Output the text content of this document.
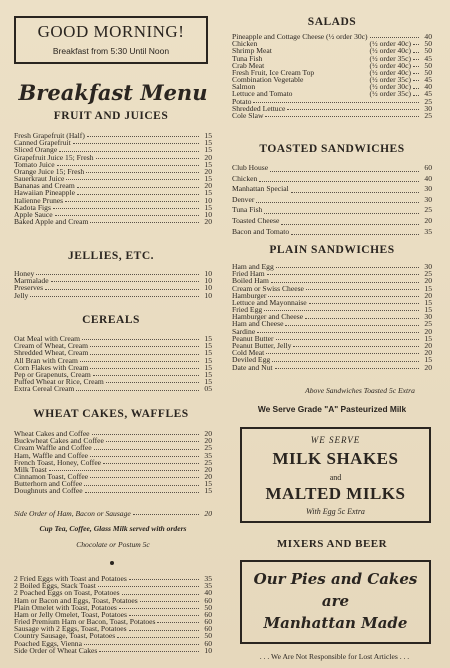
GOOD MORNING!
Breakfast from 5:30 Until Noon
Breakfast Menu
FRUIT AND JUICES
Fresh Grapefruit (Half)	15
Canned Grapefruit	15
Sliced Orange	15
Grapefruit Juice 15; Fresh	20
Tomato Juice	15
Orange Juice 15; Fresh	20
Sauerkraut Juice	15
Bananas and Cream	20
Hawaiian Pineapple	15
Italienne Prunes	10
Kadota Figs	15
Apple Sauce	10
Baked Apple and Cream	20
JELLIES, ETC.
Honey	10
Marmalade	10
Preserves	10
Jelly	10
CEREALS
Oat Meal with Cream	15
Cream of Wheat, Cream	15
Shredded Wheat, Cream	15
All Bran with Cream	15
Corn Flakes with Cream	15
Pep or Grapenuts, Cream	15
Puffed Wheat or Rice, Cream	15
Extra Cereal Cream	05
WHEAT CAKES, WAFFLES
Wheat Cakes and Coffee	20
Buckwheat Cakes and Coffee	20
Cream Waffle and Coffee	25
Ham, Waffle and Coffee	35
French Toast, Honey, Coffee	25
Milk Toast	20
Cinnamon Toast, Coffee	20
Butterhorn and Coffee	15
Doughnuts and Coffee	15
Side Order of Ham, Bacon or Sausage	20
Cup Tea, Coffee, Glass Milk served with orders
Chocolate or Postum 5c
2 Fried Eggs with Toast and Potatoes	35
2 Boiled Eggs, Stack Toast	35
2 Poached Eggs on Toast, Potatoes	40
Ham or Bacon and Eggs, Toast, Potatoes	60
Plain Omelet with Toast, Potatoes	50
Ham or Jelly Omelet, Toast, Potatoes	60
Fried Premium Ham or Bacon, Toast, Potatoes	60
Sausage with 2 Eggs, Toast, Potatoes	60
Country Sausage, Toast, Potatoes	50
Poached Eggs, Vienna	60
Side Order of Wheat Cakes	10
SALADS
Pineapple and Cottage Cheese (½ order 30c)	40
Chicken	(½ order 40c)	50
Shrimp Meat	(½ order 40c)	50
Tuna Fish	(½ order 35c)	45
Crab Meat	(½ order 40c)	50
Fresh Fruit, Ice Cream Top	(½ order 40c)	50
Combination Vegetable	(½ order 35c)	45
Salmon	(½ order 30c)	40
Lettuce and Tomato	(½ order 35c)	45
Potato	25
Shredded Lettuce	30
Cole Slaw	25
TOASTED SANDWICHES
Club House	60
Chicken	40
Manhattan Special	30
Denver	30
Tuna Fish	25
Toasted Cheese	20
Bacon and Tomato	35
PLAIN SANDWICHES
Ham and Egg	30
Fried Ham	25
Boiled Ham	20
Cream or Swiss Cheese	15
Hamburger	20
Lettuce and Mayonnaise	15
Fried Egg	15
Hamburger and Cheese	30
Ham and Cheese	25
Sardine	20
Peanut Butter	15
Peanut Butter, Jelly	20
Cold Meat	20
Deviled Egg	15
Date and Nut	20
Above Sandwiches Toasted 5c Extra
We Serve Grade "A" Pasteurized Milk
WE SERVE
MILK SHAKES
and
MALTED MILKS
With Egg 5c Extra
MIXERS AND BEER
Our Pies and Cakes
are
Manhattan Made
. . . We Are Not Responsible for Lost Articles . . .
